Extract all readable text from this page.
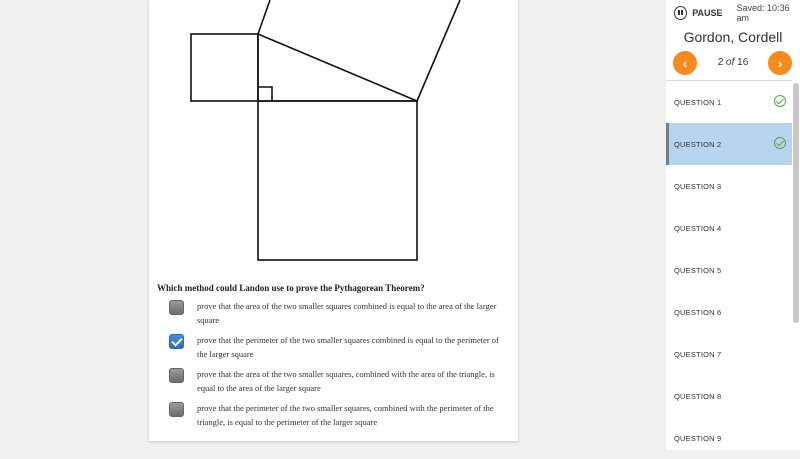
Which method could Landon use to prove the Pythagorean Theorem?
prove that the area of the two smaller squares combined is equal to the area of the larger square
prove that the perimeter of the two smaller squares combined is equal to the perimeter of the larger square
prove that the area of the two smaller squares, combined with the area of the triangle, is equal to the area of the larger square
prove that the perimeter of the two smaller squares, combined with the perimeter of the triangle, is equal to the perimeter of the larger square
PAUSE Saved: 10:36 am
Gordon, Cordell
‹	2 of 16	›
QUESTION 1
QUESTION 2
QUESTION 3
QUESTION 4
QUESTION 5
QUESTION 6
QUESTION 7
QUESTION 8
QUESTION 9
